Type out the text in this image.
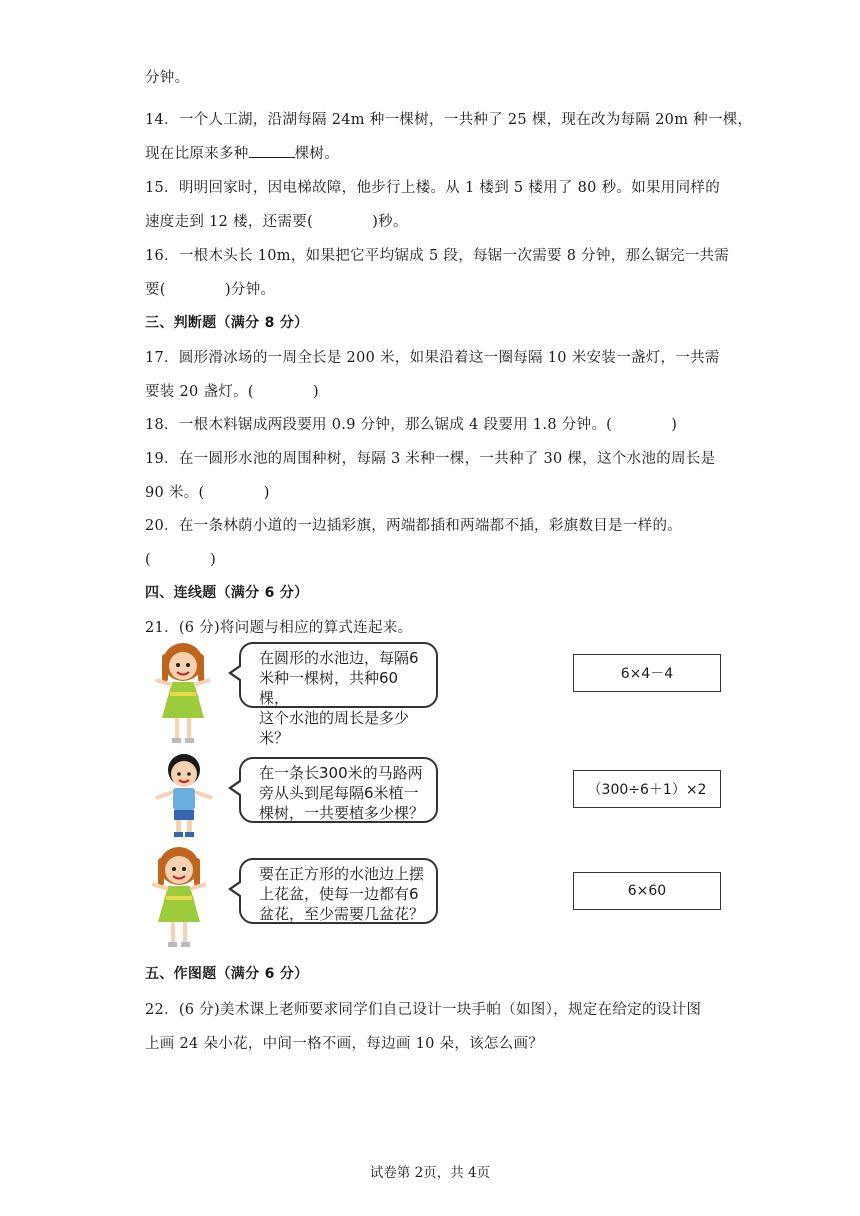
分钟。
14．一个人工湖，沿湖每隔 24m 种一棵树，一共种了 25 棵，现在改为每隔 20m 种一棵，
现在比原来多种	棵树。
15．明明回家时，因电梯故障，他步行上楼。从 1 楼到 5 楼用了 80 秒。如果用同样的
速度走到 12 楼，还需要(　　　　)秒。
16．一根木头长 10m，如果把它平均锯成 5 段，每锯一次需要 8 分钟，那么锯完一共需
要(　　　　)分钟。
三、判断题（满分 8 分）
17．圆形滑冰场的一周全长是 200 米，如果沿着这一圈每隔 10 米安装一盏灯，一共需
要装 20 盏灯。(　　　　)
18．一根木料锯成两段要用 0.9 分钟，那么锯成 4 段要用 1.8 分钟。(　　　　)
19．在一圆形水池的周围种树，每隔 3 米种一棵，一共种了 30 棵，这个水池的周长是
90 米。(　　　　)
20．在一条林荫小道的一边插彩旗，两端都插和两端都不插，彩旗数目是一样的。
(　　　　)
四、连线题（满分 6 分）
21．(6 分)将问题与相应的算式连起来。
在圆形的水池边，每隔6
米种一棵树，共种60棵，
这个水池的周长是多少米？
6×4－4
在一条长300米的马路两
旁从头到尾每隔6米植一
棵树，一共要植多少棵？
（300÷6＋1）×2
要在正方形的水池边上摆
上花盆，使每一边都有6
盆花，至少需要几盆花？
6×60
五、作图题（满分 6 分）
22．(6 分)美术课上老师要求同学们自己设计一块手帕（如图），规定在给定的设计图
上画 24 朵小花，中间一格不画，每边画 10 朵，该怎么画？
试卷第 2页，共 4页
